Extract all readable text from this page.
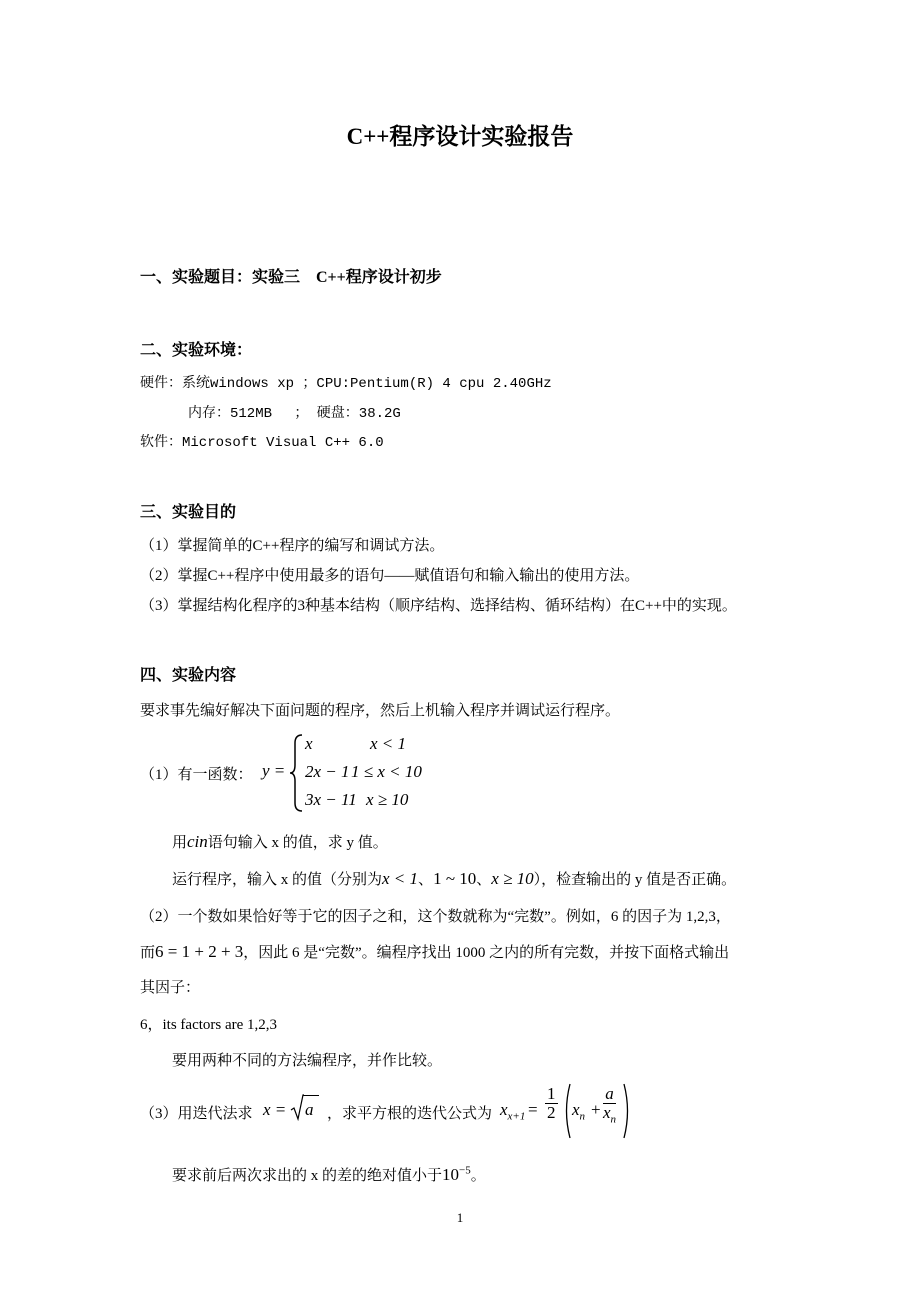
C++程序设计实验报告
一、实验题目：实验三　C++程序设计初步
二、实验环境：
硬件：系统windows xp ；CPU:Pentium(R) 4 cpu 2.40GHz
内存：512MB　 ； 硬盘：38.2G
软件：Microsoft Visual C++ 6.0
三、实验目的
（1）掌握简单的C++程序的编写和调试方法。
（2）掌握C++程序中使用最多的语句——赋值语句和输入输出的使用方法。
（3）掌握结构化程序的3种基本结构（顺序结构、选择结构、循环结构）在C++中的实现。
四、实验内容
要求事先编好解决下面问题的程序，然后上机输入程序并调试运行程序。
（1）有一函数： y =
x	x < 1
2x − 1 1 ≤ x < 10
3x − 11 x ≥ 10
用cin语句输入 x 的值，求 y 值。
运行程序，输入 x 的值（分别为x < 1、1 ~ 10、x ≥ 10），检查输出的 y 值是否正确。
（2）一个数如果恰好等于它的因子之和，这个数就称为“完数”。例如，6 的因子为 1,2,3，
而6 = 1 + 2 + 3，因此 6 是“完数”。编程序找出 1000 之内的所有完数，并按下面格式输出
其因子：
6，its factors are 1,2,3
要用两种不同的方法编程序，并作比较。
（3）用迭代法求 x = a ，求平方根的迭代公式为 $x_{x+1} = \frac{1}{2} x_n + \frac{a}{x_n}$
要求前后两次求出的 x 的差的绝对值小于$10^{-5}$。
1
